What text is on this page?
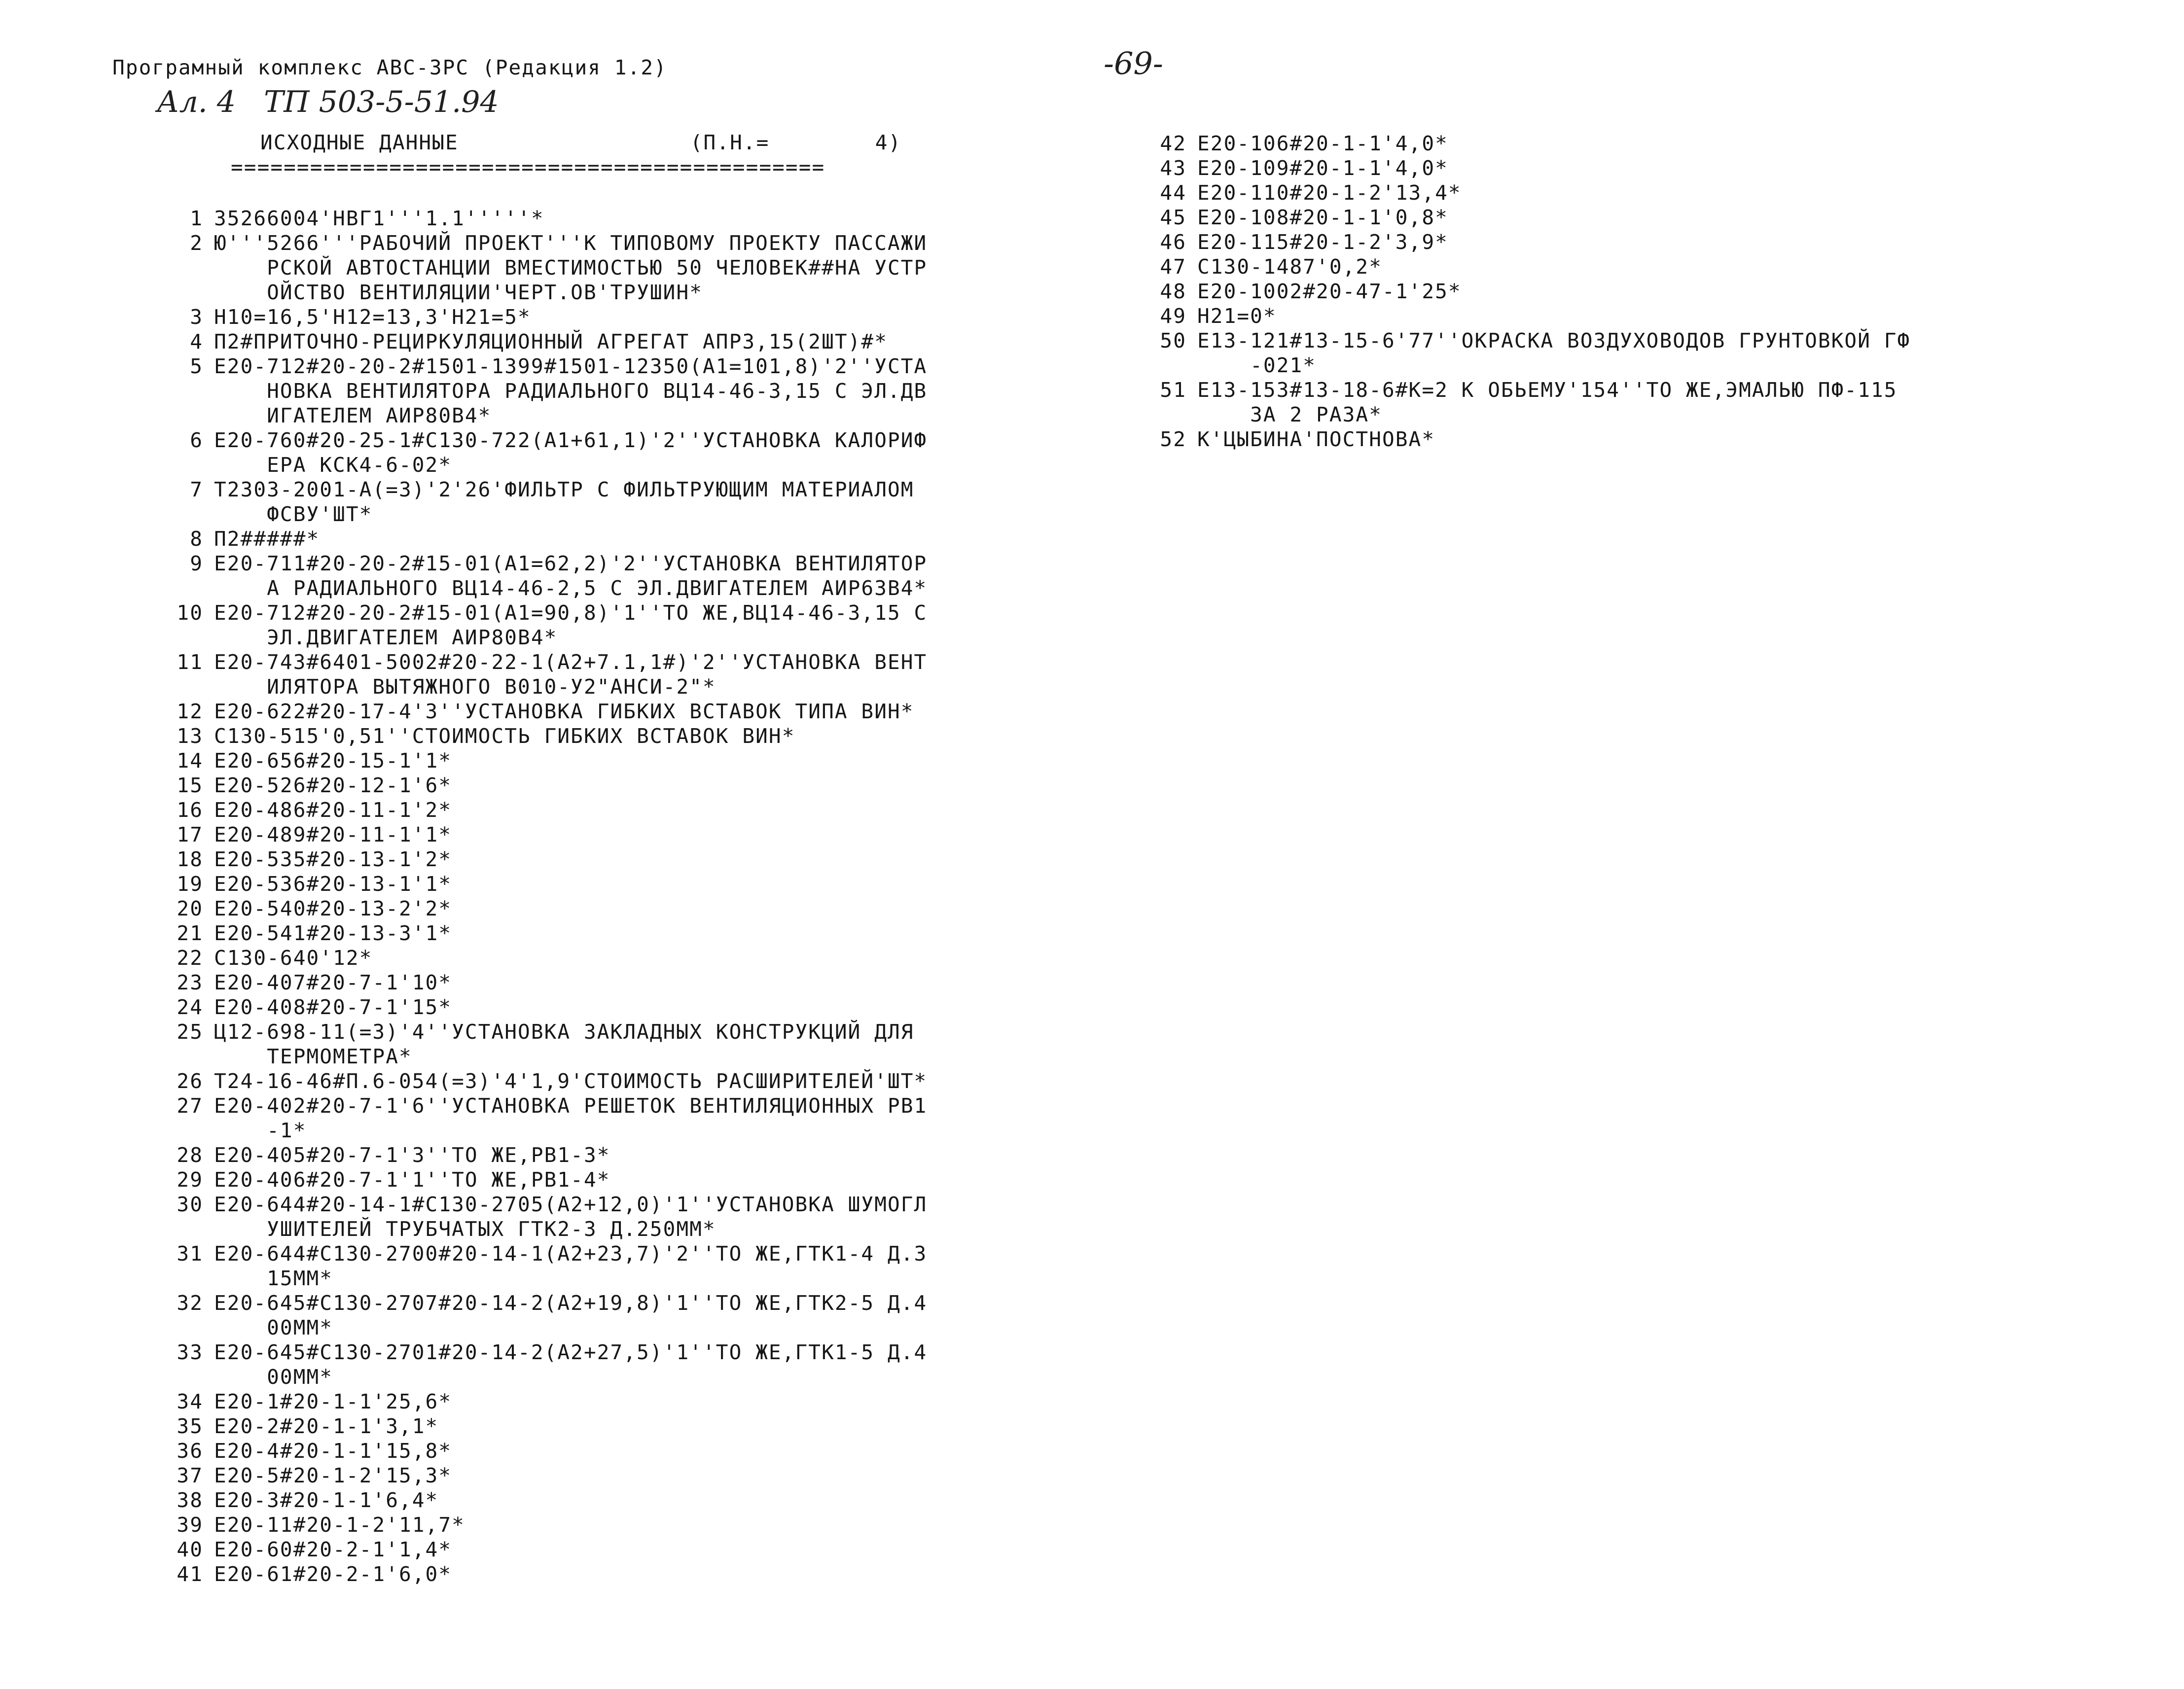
Програмный комплекс АВС-3РС (Редакция 1.2)	-69-
Ал. 4   ТП 503-5-51.94
ИСХОДНЫЕ ДАННЫЕ	(П.Н.=        4)
=============================================
1 35266004'НВГ1'''1.1'''''*
2 Ю'''5266'''РАБОЧИЙ ПРОЕКТ'''К ТИПОВОМУ ПРОЕКТУ ПАССАЖИ
РСКОЙ АВТОСТАНЦИИ ВМЕСТИМОСТЬЮ 50 ЧЕЛОВЕК##НА УСТР
ОЙСТВО ВЕНТИЛЯЦИИ'ЧЕРТ.ОВ'ТРУШИН*
3 Н10=16,5'Н12=13,3'Н21=5*
4 П2#ПРИТОЧНО-РЕЦИРКУЛЯЦИОННЫЙ АГРЕГАТ АПР3,15(2ШТ)#*
5 Е20-712#20-20-2#1501-1399#1501-12350(А1=101,8)'2''УСТА
НОВКА ВЕНТИЛЯТОРА РАДИАЛЬНОГО ВЦ14-46-3,15 С ЭЛ.ДВ
ИГАТЕЛЕМ АИР80В4*
6 Е20-760#20-25-1#С130-722(А1+61,1)'2''УСТАНОВКА КАЛОРИФ
ЕРА КСК4-6-02*
7 Т2303-2001-А(=3)'2'26'ФИЛЬТР С ФИЛЬТРУЮЩИМ МАТЕРИАЛОМ
ФСВУ'ШТ*
8 П2#####*
9 Е20-711#20-20-2#15-01(А1=62,2)'2''УСТАНОВКА ВЕНТИЛЯТОР
А РАДИАЛЬНОГО ВЦ14-46-2,5 С ЭЛ.ДВИГАТЕЛЕМ АИР63В4*
10 Е20-712#20-20-2#15-01(А1=90,8)'1''ТО ЖЕ,ВЦ14-46-3,15 С
ЭЛ.ДВИГАТЕЛЕМ АИР80В4*
11 Е20-743#6401-5002#20-22-1(А2+7.1,1#)'2''УСТАНОВКА ВЕНТ
ИЛЯТОРА ВЫТЯЖНОГО В010-У2"АНСИ-2"*
12 Е20-622#20-17-4'3''УСТАНОВКА ГИБКИХ ВСТАВОК ТИПА ВИН*
13 С130-515'0,51''СТОИМОСТЬ ГИБКИХ ВСТАВОК ВИН*
14 Е20-656#20-15-1'1*
15 Е20-526#20-12-1'6*
16 Е20-486#20-11-1'2*
17 Е20-489#20-11-1'1*
18 Е20-535#20-13-1'2*
19 Е20-536#20-13-1'1*
20 Е20-540#20-13-2'2*
21 Е20-541#20-13-3'1*
22 С130-640'12*
23 Е20-407#20-7-1'10*
24 Е20-408#20-7-1'15*
25 Ц12-698-11(=3)'4''УСТАНОВКА ЗАКЛАДНЫХ КОНСТРУКЦИЙ ДЛЯ
ТЕРМОМЕТРА*
26 Т24-16-46#П.6-054(=3)'4'1,9'СТОИМОСТЬ РАСШИРИТЕЛЕЙ'ШТ*
27 Е20-402#20-7-1'6''УСТАНОВКА РЕШЕТОК ВЕНТИЛЯЦИОННЫХ РВ1
-1*
28 Е20-405#20-7-1'3''ТО ЖЕ,РВ1-3*
29 Е20-406#20-7-1'1''ТО ЖЕ,РВ1-4*
30 Е20-644#20-14-1#С130-2705(А2+12,0)'1''УСТАНОВКА ШУМОГЛ
УШИТЕЛЕЙ ТРУБЧАТЫХ ГТК2-3 Д.250ММ*
31 Е20-644#С130-2700#20-14-1(А2+23,7)'2''ТО ЖЕ,ГТК1-4 Д.3
15ММ*
32 Е20-645#С130-2707#20-14-2(А2+19,8)'1''ТО ЖЕ,ГТК2-5 Д.4
00ММ*
33 Е20-645#С130-2701#20-14-2(А2+27,5)'1''ТО ЖЕ,ГТК1-5 Д.4
00ММ*
34 Е20-1#20-1-1'25,6*
35 Е20-2#20-1-1'3,1*
36 Е20-4#20-1-1'15,8*
37 Е20-5#20-1-2'15,3*
38 Е20-3#20-1-1'6,4*
39 Е20-11#20-1-2'11,7*
40 Е20-60#20-2-1'1,4*
41 Е20-61#20-2-1'6,0*
42 Е20-106#20-1-1'4,0*
43 Е20-109#20-1-1'4,0*
44 Е20-110#20-1-2'13,4*
45 Е20-108#20-1-1'0,8*
46 Е20-115#20-1-2'3,9*
47 С130-1487'0,2*
48 Е20-1002#20-47-1'25*
49 Н21=0*
50 Е13-121#13-15-6'77''ОКРАСКА ВОЗДУХОВОДОВ ГРУНТОВКОЙ ГФ
-021*
51 Е13-153#13-18-6#К=2 К ОБЬЕМУ'154''ТО ЖЕ,ЭМАЛЬЮ ПФ-115
ЗА 2 РАЗА*
52 К'ЦЫБИНА'ПОСТНОВА*
